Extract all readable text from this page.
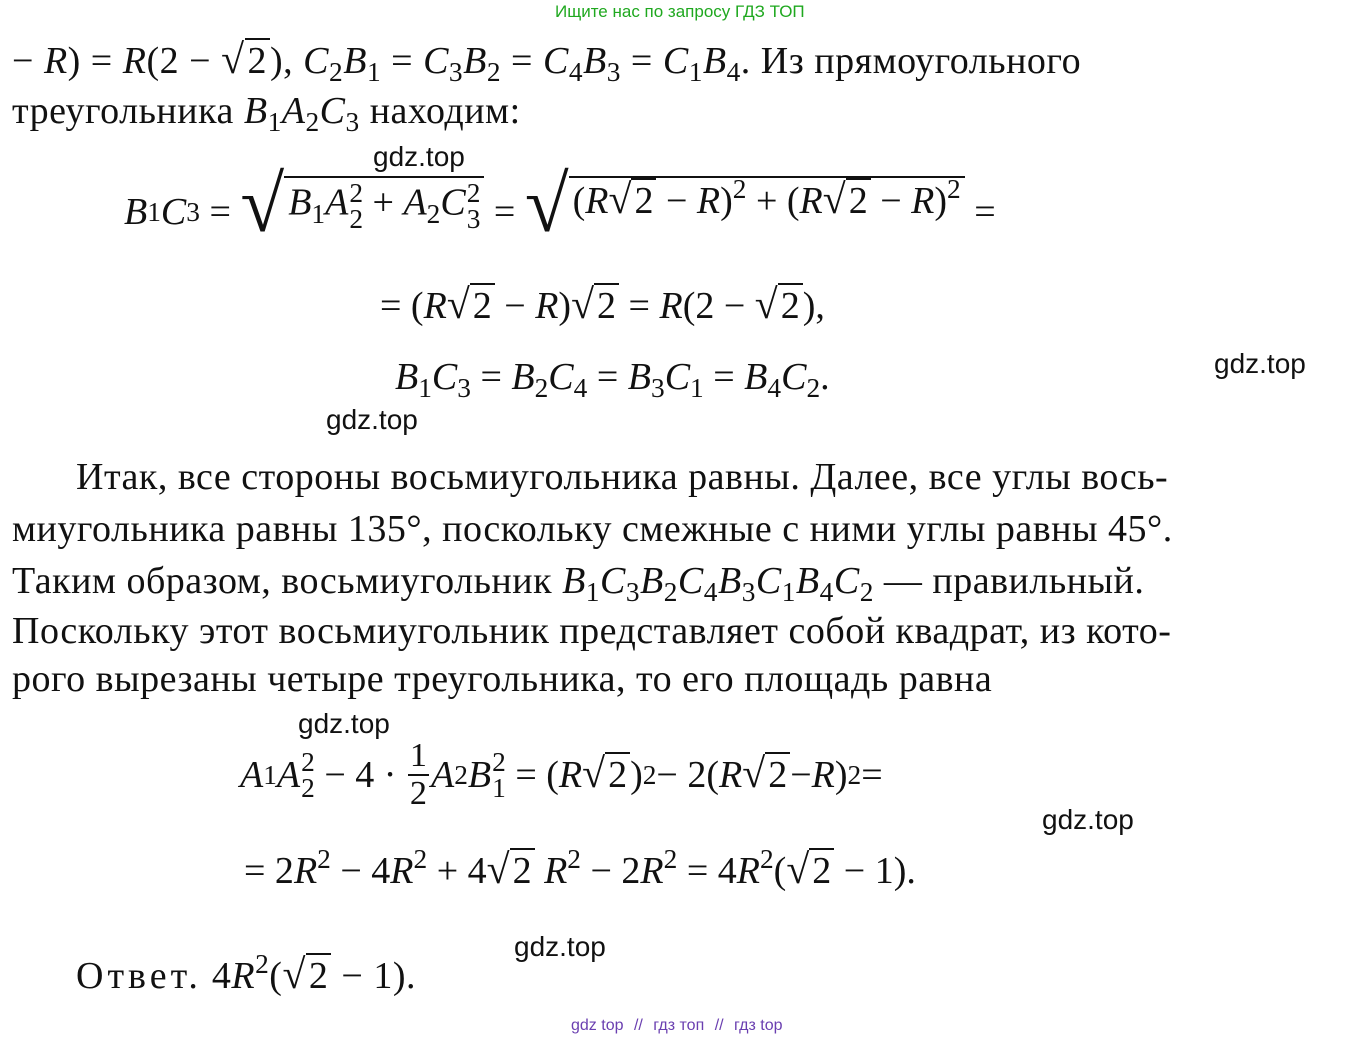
Ищите нас по запросу ГДЗ ТОП
− R) = R(2 − √2), $C_2B_1 = C_3B_2 = C_4B_3 = C_1B_4$. Из прямоугольного
треугольника $B_1A_2C_3$ находим:
gdz.top
B 1 C 3 = √ $B_1A$ 2
$2 + A_2C$ 2
3 = √ $(R√2 - R)^2 + (R√2 - R)^2$
=
= (R√2 − R)√2 = R(2 − √2),
$B_1C_3 = B_2C_4 = B_3C_1 = B_4C_2$.	gdz.top
gdz.top
Итак, все стороны восьмиугольника равны. Далее, все углы вось-
миугольника равны 135°, поскольку смежные с ними углы равны 45°.
Таким образом, восьмиугольник $B_1C_3B_2C_4B_3C_1B_4C_2$ — правильный.
Поскольку этот восьмиугольник представляет собой квадрат, из кото-
рого вырезаны четыре треугольника, то его площадь равна
gdz.top
A 1 A 2
$2 - 4 \cdot \frac{1}{2}$ A 2 B 2
1 = ( R √2 ) 2 − 2( R √2 − R ) 2 =
gdz.top
= $2R^2 - 4R^2 + 4√2$ $R^2 - 2R^2 = 4R^2(√2 - 1)$.
gdz.top
Ответ. $4R^2(√2 - 1)$.
gdz top // гдз топ // гдз top
